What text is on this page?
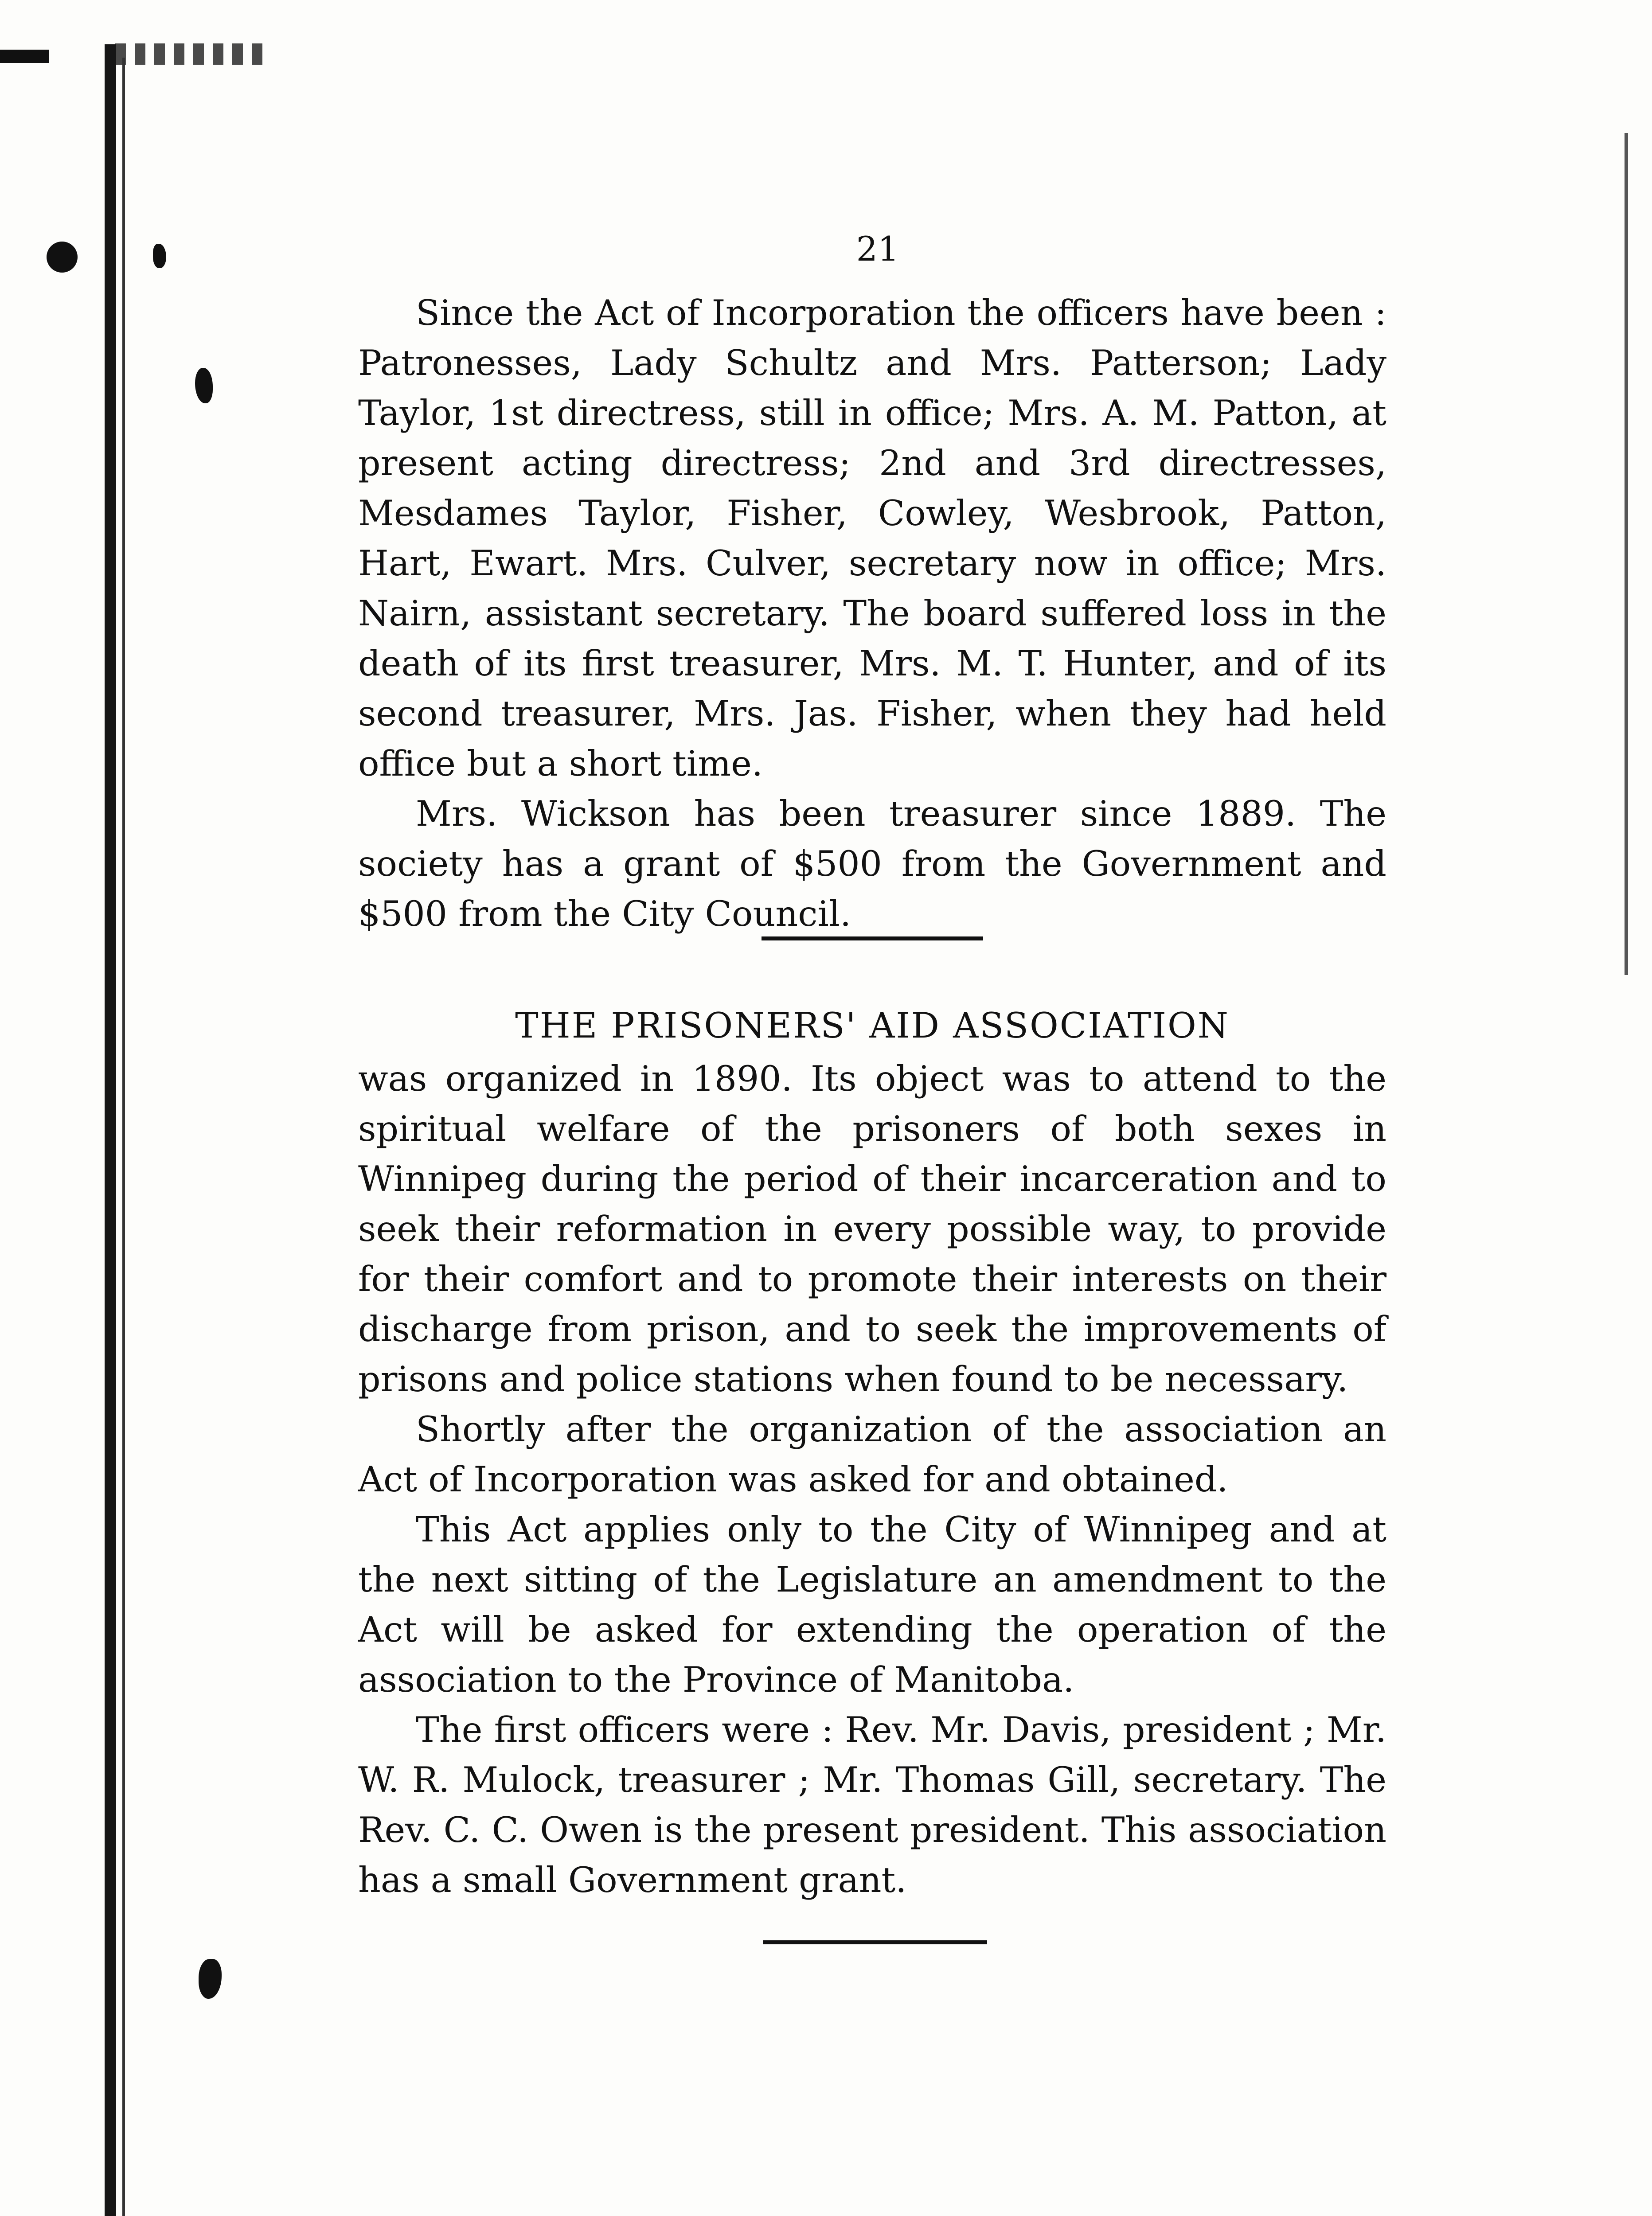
21

Since the Act of Incorporation the officers have been : Patronesses, Lady Schultz and Mrs. Patterson; Lady Taylor, 1st directress, still in office; Mrs. A. M. Patton, at present acting directress; 2nd and 3rd directresses, Mesdames Taylor, Fisher, Cowley, Wesbrook, Patton, Hart, Ewart. Mrs. Culver, secretary now in office; Mrs. Nairn, assistant secretary. The board suffered loss in the death of its first treasurer, Mrs. M. T. Hunter, and of its second treasurer, Mrs. Jas. Fisher, when they had held office but a short time.

Mrs. Wickson has been treasurer since 1889. The society has a grant of $500 from the Government and $500 from the City Council.

THE PRISONERS' AID ASSOCIATION

was organized in 1890. Its object was to attend to the spiritual welfare of the prisoners of both sexes in Winnipeg during the period of their incarceration and to seek their reformation in every possible way, to provide for their comfort and to promote their interests on their discharge from prison, and to seek the improvements of prisons and police stations when found to be necessary.

Shortly after the organization of the association an Act of Incorporation was asked for and obtained.

This Act applies only to the City of Winnipeg and at the next sitting of the Legislature an amendment to the Act will be asked for extending the operation of the association to the Province of Manitoba.

The first officers were : Rev. Mr. Davis, president ; Mr. W. R. Mulock, treasurer ; Mr. Thomas Gill, secretary. The Rev. C. C. Owen is the present president. This association has a small Government grant.
